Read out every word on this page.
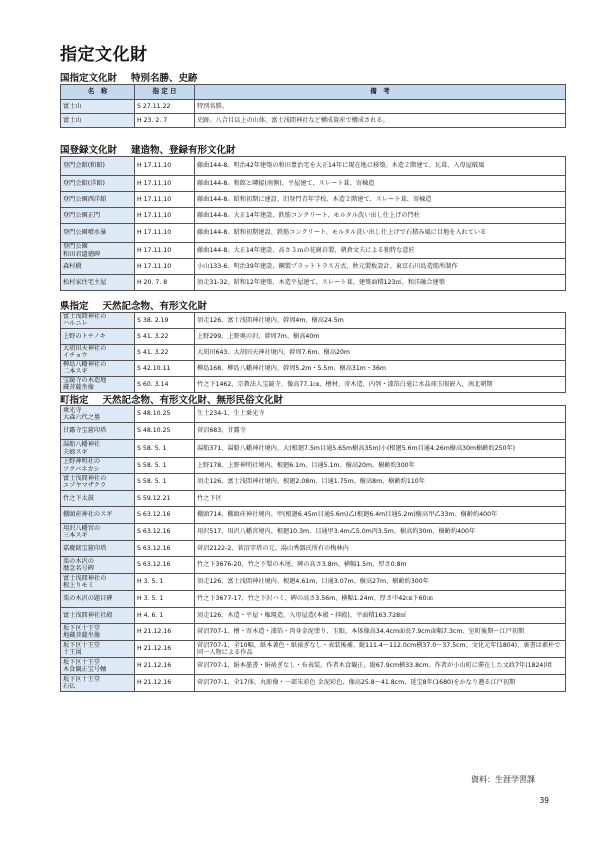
指定文化財
国指定文化財 特別名勝、史跡
名　称	指 定 日	備　考
富士山	S 27.11.22	特別名勝。
富士山	H 23. 2. 7	史跡。八合目以上の山体、富士浅間神社など構成資産で構成される。
国登録文化財 建造物、登録有形文化財
登門会館(和館)	H 17.11.10	藤曲144-8。明治42年建築の和田豊治宅を大正14年に現在地に移築。木造２階建て、瓦葺、入母屋破風
登門会館(洋館)	H 17.11.10	藤曲144-8。和館と隣接(南側)、平屋建て、スレート葺、寄棟造
登門公園西洋館	H 17.11.10	藤曲144-8。昭和初期に建設、旧登門青年学校、木造２階建て、スレート葺、寄棟造
登門公園正門	H 17.11.10	藤曲144-8。大正14年建設、鉄筋コンクリート、モルタル洗い出し仕上げの門柱
登門公園噴水暴	H 17.11.10	藤曲144-8。昭和初期建設、鉄筋コンクリート、モルタル洗い出し仕上げで石積み風に目地を入れている
登門公園
和田君遺徳碑	H 17.11.10	藤曲144-8。大正14年建設、高さ３ｍの花崗岩製、朝倉文夫による独特な意匠
森村橋	H 17.11.10	小山133-6。明治39年建設、鋼製プラットトラス方式、秋元製板設計、東京石川島造船所制作
松村家住宅主屋	H 20. 7. 8	須走31-32。昭和12年建築、木造平屋建て、スレート葺、建築面積123㎡、和洋融合建築
県指定 天然記念物、有形文化財
富士浅間神社の
ハルニレ	S 38. 2.19	須走126、富士浅間神社境内、幹周4m、樹高24.5m
上野のトチノキ	S 41. 3.22	上野299、上野奥の沢、幹周7m、樹高40m
大胡田天神社の
イチョウ	S 41. 3.22	大胡田643、大胡田天神社境内、幹周7.6m、樹高20m
柳島八幡神社の
二本スギ	S 42.10.11	柳島168、柳島八幡神社境内、幹周5.2m・5.5m、樹高31m・36m
宝鏡寺の木造地
蔵菩薩坐像	S 60. 3.14	竹之下1462、宗教法人宝鏡寺、像高77.1㎝、檜材、寄木造、内刳・漆箔白毫に水晶球玉眼嵌入、南北朝期
町指定 天然記念物、有形文化財、無形民俗文化財
乗光寺
大森六代之墓	S 48.10.25	生土234-1、生土乗光寺
甘露寺宝篋印塔	S 48.10.25	菅沼683、甘露寺
湯船八幡神社
夫婦スギ	S 58. 5. 1	湯船371、湯船八幡神社境内、大(根廻7.5m目通5.65m樹高35m)小(根廻5.6m目通4.26m樹高30m樹齢約250年)
上野神明社の
ツクバネカシ	S 58. 5. 1	上野178、上野神明社境内、根廻6.1m、目通5.1m、樹高20m、樹齢約300年
富士浅間神社の
エゾヤマザクラ	S 58. 5. 1	須走126、富士浅間神社境内、根廻2.08m、目通1.75m、樹高8m、樹齢約110年
竹之下太鼓	S 59.12.21	竹之下区
棚頭産神社のスギ	S 63.12.16	棚頭714、棚頭産神社境内、甲(根廻6.45m目通5.6m)乙(根廻6.4m目通5.2m)樹高甲乙33m、樹齢約400年
用沢八幡宮の
三本スギ	S 63.12.16	用沢517、用沢八幡宮境内、根廻10.3m、目通甲3.4m乙5.0m丙3.5m、樹高約30m、樹齢約400年
嘉慶銘宝篋印塔	S 63.12.16	菅沼2122-2、菅沼字塔の元、湯山秀器氏所有の梅林内
栗の木沢の
暦念名号碑	S 63.12.16	竹之下3676-20、竹之下梨の木尾、碑の高さ3.8m、横幅1.5m、厚さ0.8m
富士浅間神社の
根上りモミ	H 3. 5. 1	須走126、富士浅間神社境内、根廻4.61m、目通3.07m、樹高27m、樹齢約300年
栗の木沢の題目碑	H 3. 5. 1	竹之下3677-17、竹之下沢ハミ、碑の高さ3.56m、横幅1.24m、厚さ中42㎝下60㎝
富士浅間神社社殿	H 4. 6. 1	須走126、木造・平屋・権現造、入母屋造(本殿・拝殿)、平面積163.728㎡
坂下区十王堂
地蔵菩薩坐像	H 21.12.16	菅沼707-1、檜・寄木造・漆箔・肉身金泥塗り、玉眼、本体像高34.4cm面長7.9cm面幅7.3cm、室町後期〜江戸初期
坂下区十王堂
十王図	H 21.12.16	菅沼707-1、全10幅、紙本著色・紙裱ぎなし・表装後補、縦111.4〜112.0cm横37.0〜37.5cm、文化元年(1804)、裏書は素朴で同一人物による作品
坂下区十王堂
木食観正宝号軸	H 21.12.16	菅沼707-1、絹本墨書・絹裱ぎなし・布表装、作者木食観正、縦67.9cm横33.8cm、作者が小山町に滞在した文政7年(1824)頃
坂下区十王堂
石仏	H 21.12.16	菅沼707-1、全17体、丸彫像・一部朱彩色 金泥彩色、像高25.8〜41.8cm、延宝8年(1680)をかなり遡る江戸初期
資料：生涯学習課
39
